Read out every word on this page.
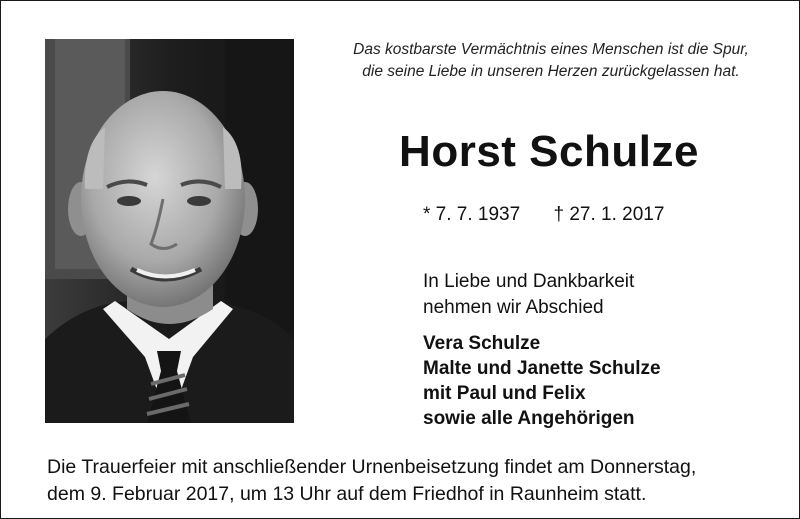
Das kostbarste Vermächtnis eines Menschen ist die Spur,
die seine Liebe in unseren Herzen zurückgelassen hat.
Horst Schulze
* 7. 7. 1937 † 27. 1. 2017
In Liebe und Dankbarkeit
nehmen wir Abschied
Vera Schulze
Malte und Janette Schulze
mit Paul und Felix
sowie alle Angehörigen
Die Trauerfeier mit anschließender Urnenbeisetzung findet am Donnerstag,
dem 9. Februar 2017, um 13 Uhr auf dem Friedhof in Raunheim statt.
